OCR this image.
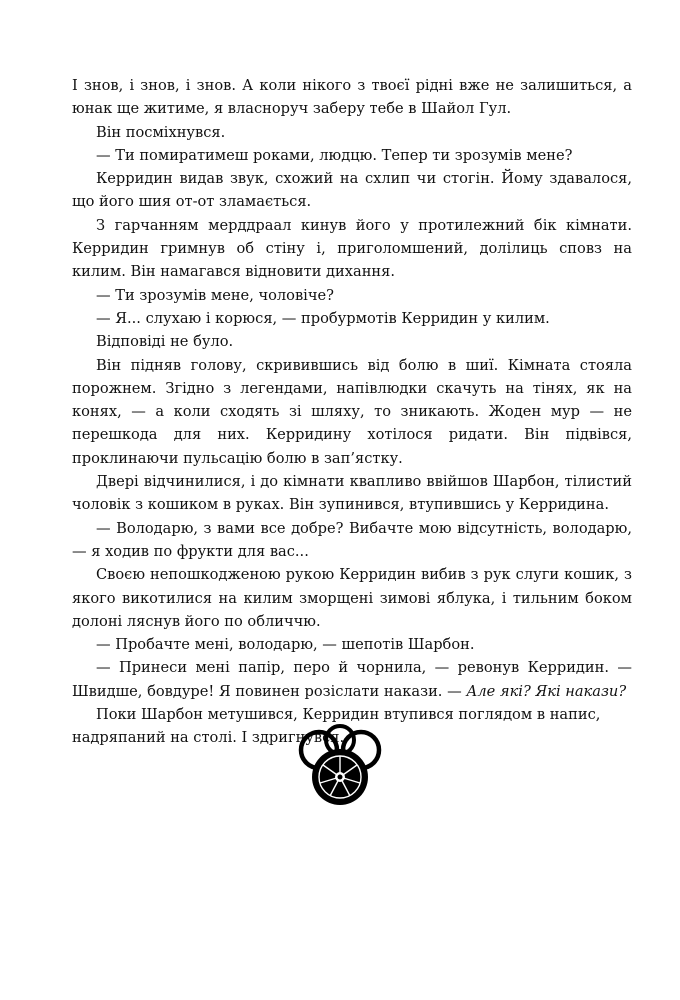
І знов, і знов, і знов. А коли нікого з твоєї рідні вже не залишиться, а юнак ще житиме, я власноруч заберу тебе в Шайол Гул.

Він посміхнувся.

— Ти помиратимеш роками, людцю. Тепер ти зрозумів мене?

Керридин видав звук, схожий на схлип чи стогін. Йому здавалося, що його шия от-от зламається.

З гарчанням мерддраал кинув його у протилежний бік кімнати. Керридин гримнув об стіну і, приголомшений, долілиць сповз на килим. Він намагався відновити дихання.

— Ти зрозумів мене, чоловіче?

— Я... слухаю і корюся, — пробурмотів Керридин у килим.

Відповіді не було.

Він підняв голову, скривившись від болю в шиї. Кімната стояла порожнем. Згідно з легендами, напівлюдки скачуть на тінях, як на конях, — а коли сходять зі шляху, то зникають. Жоден мур — не перешкода для них. Керридину хотілося ридати. Він підвівся, проклинаючи пульсацію болю в зап’ястку.

Двері відчинилися, і до кімнати квапливо ввійшов Шарбон, тілистий чоловік з кошиком в руках. Він зупинився, втупившись у Керридина.

— Володарю, з вами все добре? Вибачте мою відсутність, володарю, — я ходив по фрукти для вас...

Своєю непошкодженою рукою Керридин вибив з рук слуги кошик, з якого викотилися на килим зморщені зимові яблука, і тильним боком долоні ляснув його по обличчю.

— Пробачте мені, володарю, — шепотів Шарбон.

— Принеси мені папір, перо й чорнила, — ревонув Керридин. — Швидше, бовдуре! Я повинен розіслати накази. — Але які? Які накази?

Поки Шарбон метушився, Керридин втупився поглядом в напис, надряпаний на столі. І здригнувся.
